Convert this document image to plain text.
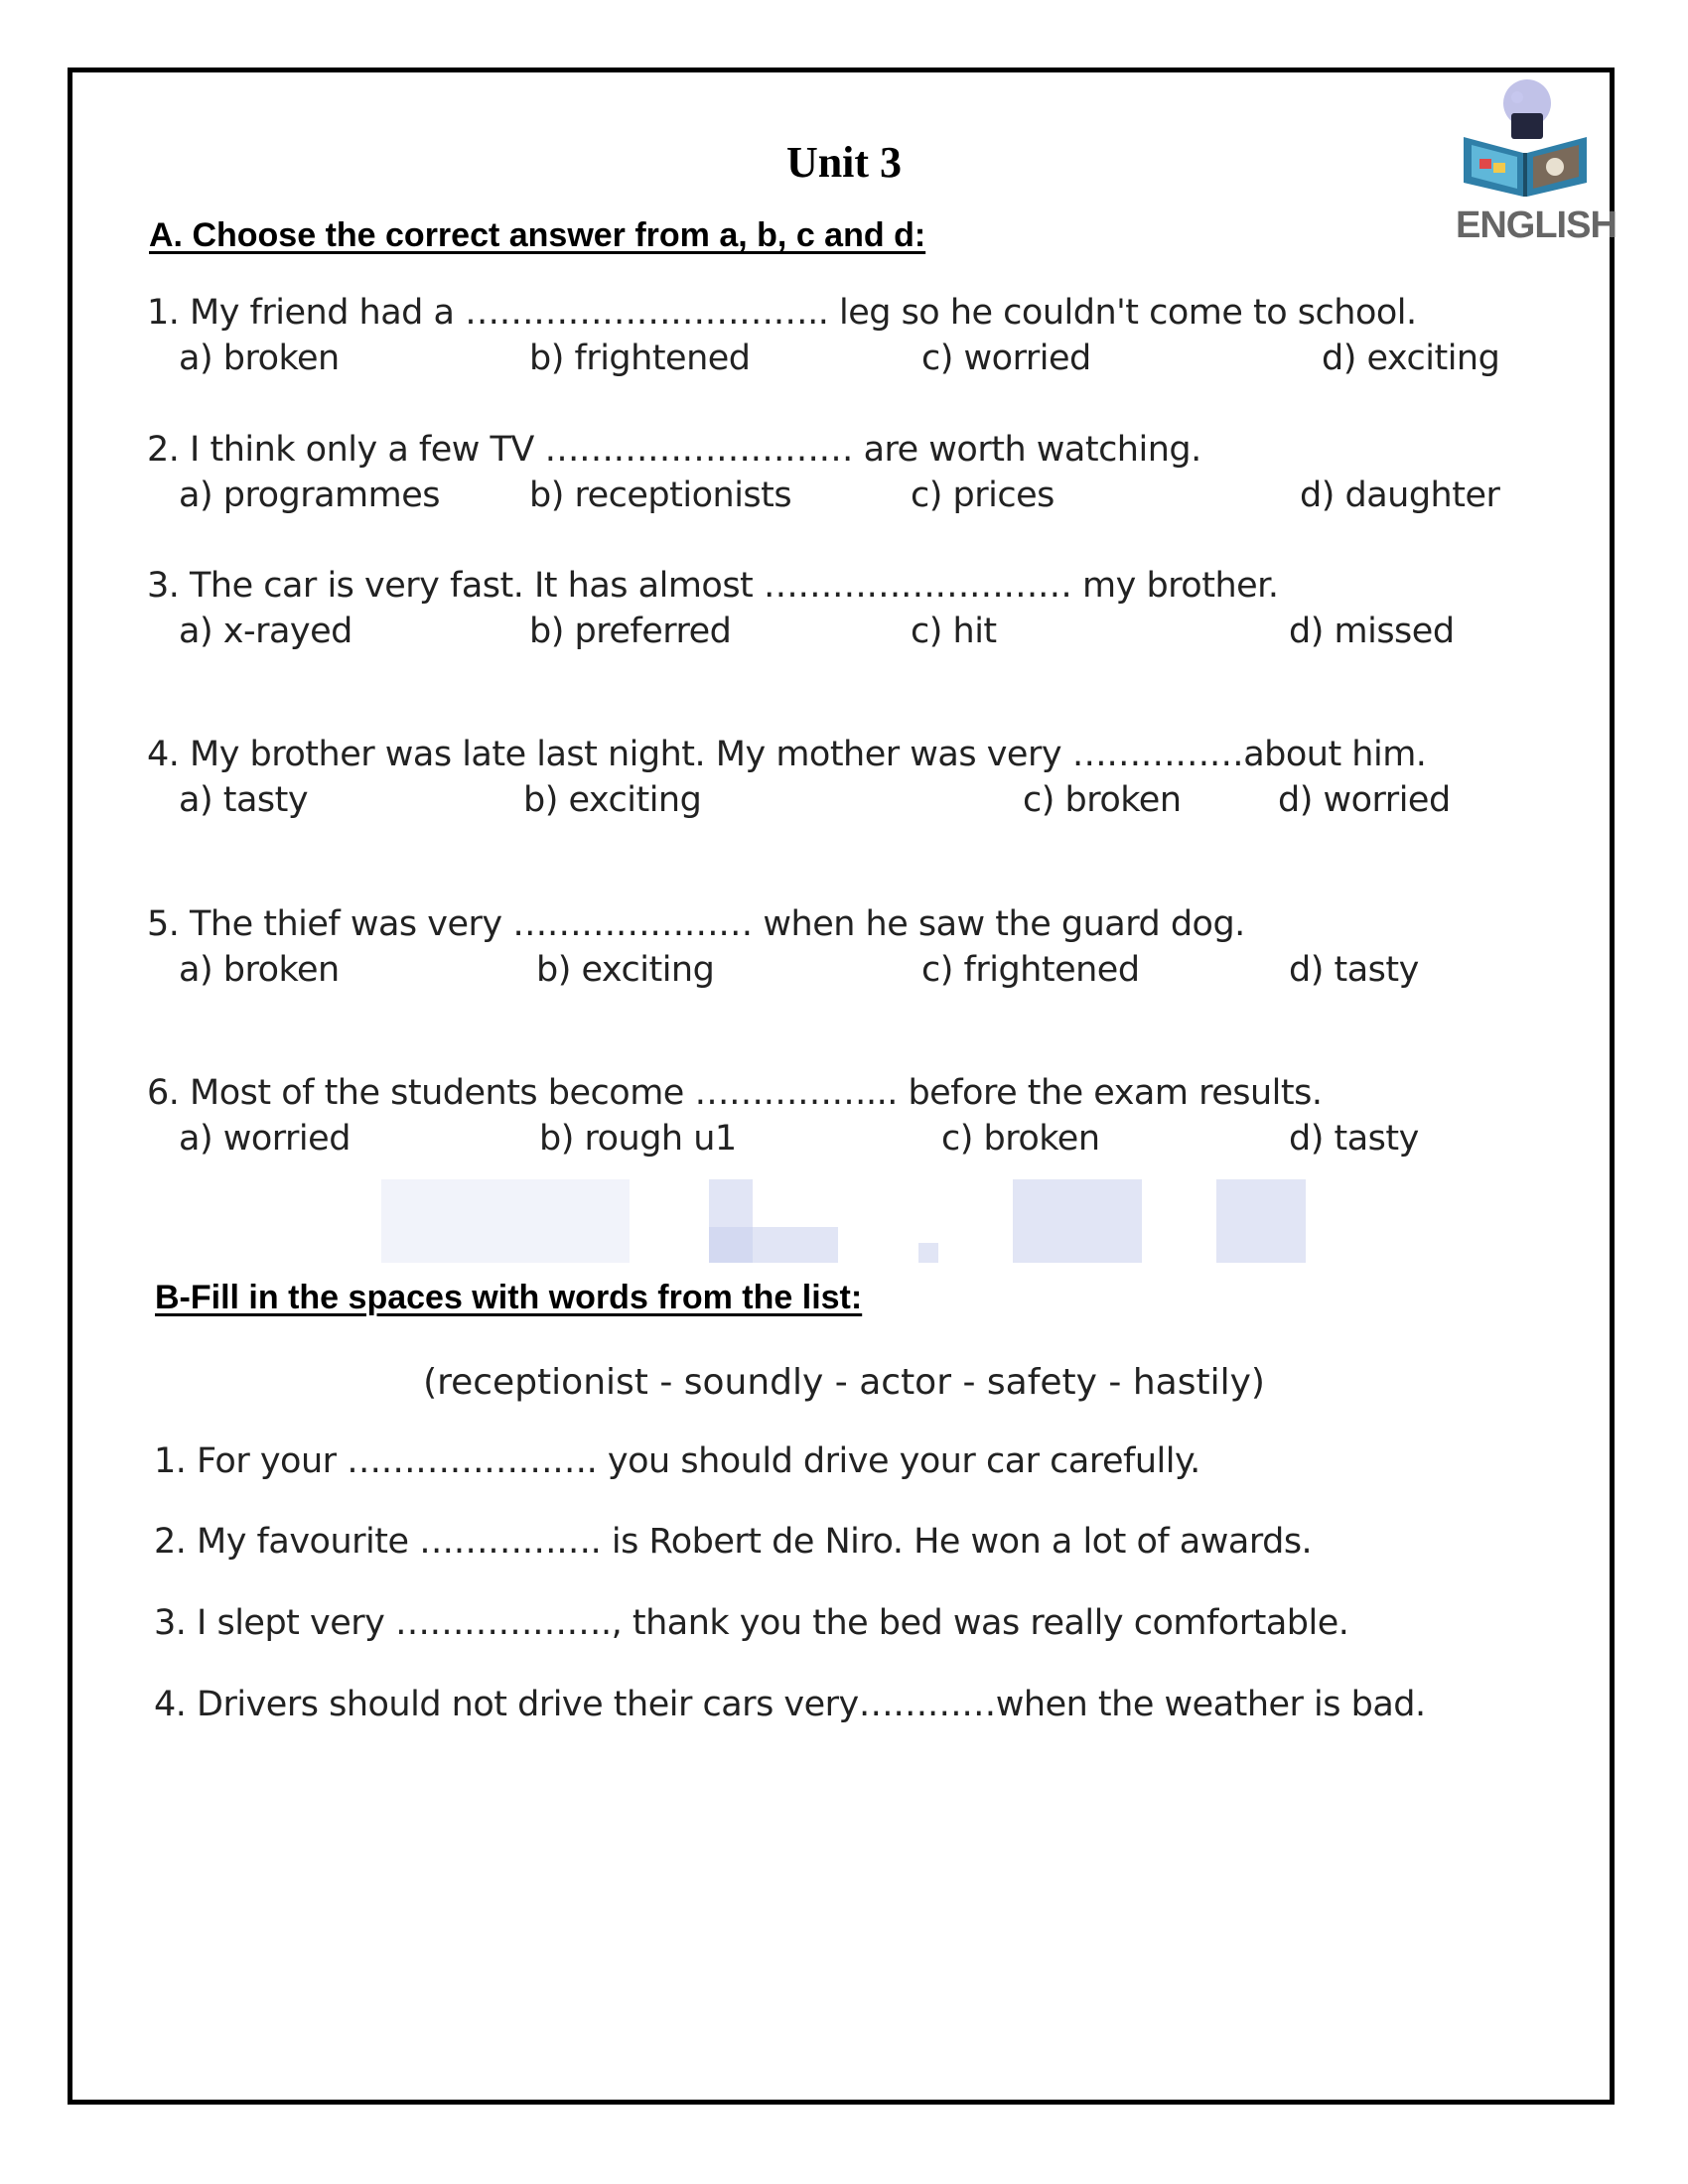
Unit 3
ENGLISH
A. Choose the correct answer from a, b, c and d:
1. My friend had a ………………………….. leg so he couldn't come to school.
a) broken	b) frightened	c) worried	d) exciting
2. I think only a few TV ……………………… are worth watching.
a) programmes	b) receptionists	c) prices	d) daughter
3. The car is very fast. It has almost ……………………… my brother.
a) x-rayed	b) preferred	c) hit	d) missed
4. My brother was late last night. My mother was very ……………about him.
a) tasty	b) exciting	c) broken	d) worried
5. The thief was very ………………… when he saw the guard dog.
a) broken	b) exciting	c) frightened	d) tasty
6. Most of the students become ……………... before the exam results.
a) worried	b) rough u1	c) broken	d) tasty
B-Fill in the spaces with words from the list:
(receptionist - soundly - actor - safety - hastily)
1. For your …………………. you should drive your car carefully.
2. My favourite ……………. is Robert de Niro. He won a lot of awards.
3. I slept very ………………., thank you the bed was really comfortable.
4. Drivers should not drive their cars very…………when the weather is bad.
